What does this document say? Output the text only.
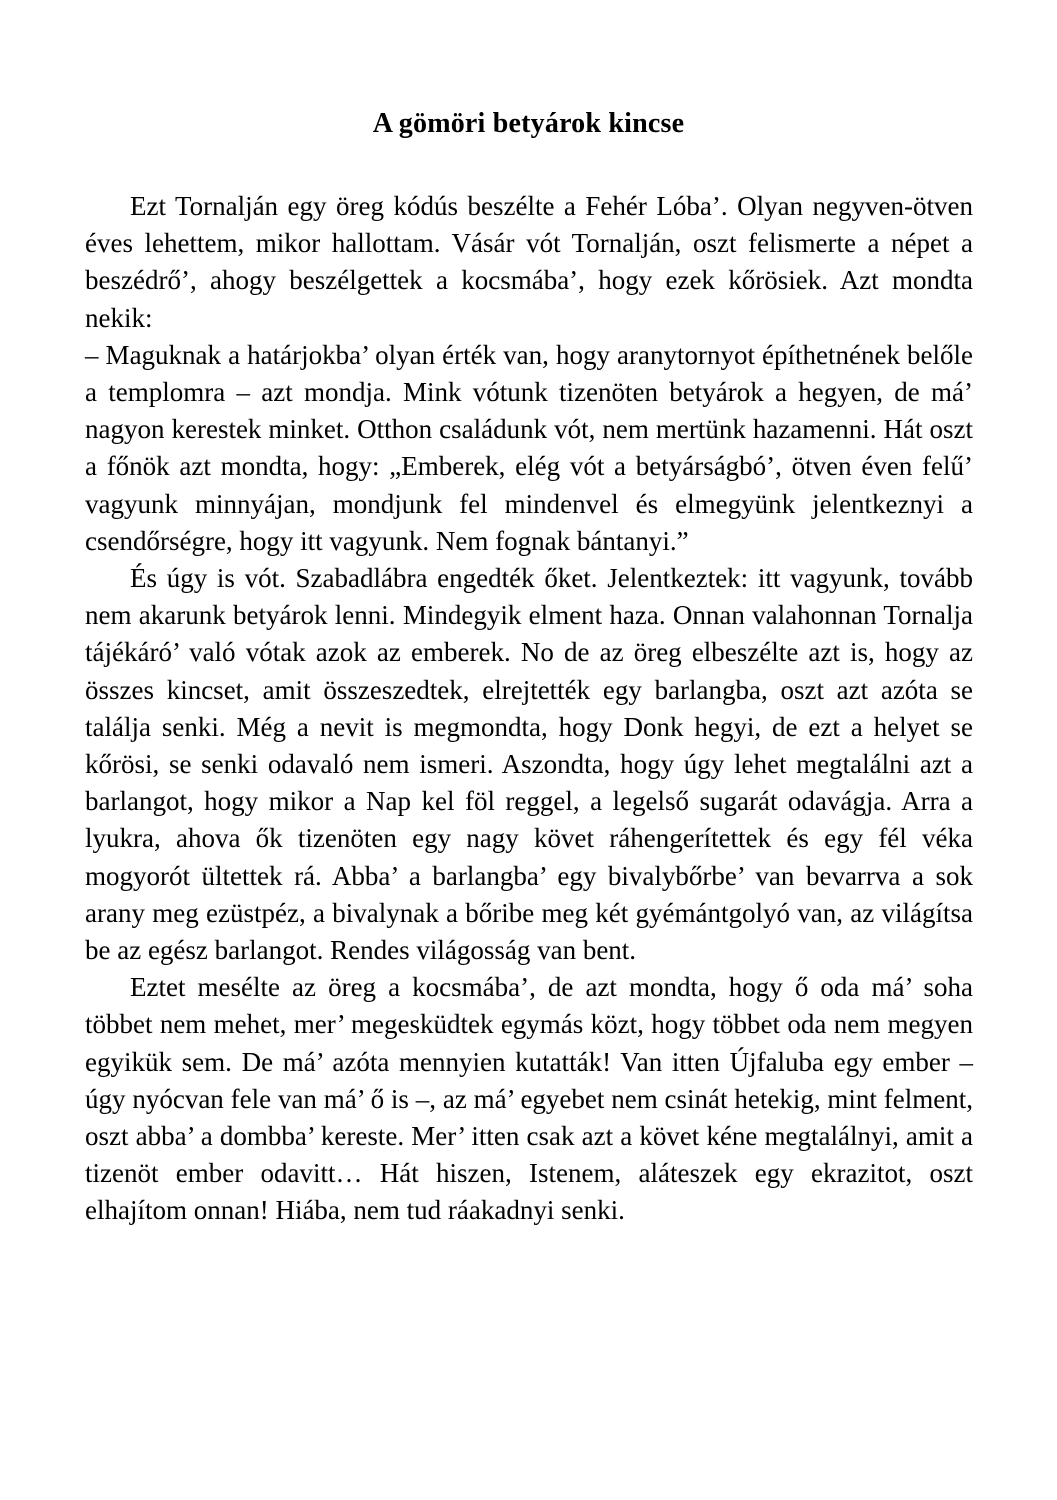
A gömöri betyárok kincse

Ezt Tornalján egy öreg kódús beszélte a Fehér Lóba’. Olyan negyven-ötven éves lehettem, mikor hallottam. Vásár vót Tornalján, oszt felismerte a népet a beszédrő’, ahogy beszélgettek a kocsmába’, hogy ezek kőrösiek. Azt mondta nekik:

– Maguknak a határjokba’ olyan érték van, hogy aranytornyot építhetnének belőle a templomra – azt mondja. Mink vótunk tizenöten betyárok a hegyen, de má’ nagyon kerestek minket. Otthon családunk vót, nem mertünk hazamenni. Hát oszt a főnök azt mondta, hogy: „Emberek, elég vót a betyárságbó’, ötven éven felű’ vagyunk minnyájan, mondjunk fel mindenvel és elmegyünk jelentkeznyi a csendőrségre, hogy itt vagyunk. Nem fognak bántanyi.”

És úgy is vót. Szabadlábra engedték őket. Jelentkeztek: itt vagyunk, tovább nem akarunk betyárok lenni. Mindegyik elment haza. Onnan valahonnan Tornalja tájékáró’ való vótak azok az emberek. No de az öreg elbeszélte azt is, hogy az összes kincset, amit összeszedtek, elrejtették egy barlangba, oszt azt azóta se találja senki. Még a nevit is megmondta, hogy Donk hegyi, de ezt a helyet se kőrösi, se senki odavaló nem ismeri. Aszondta, hogy úgy lehet megtalálni azt a barlangot, hogy mikor a Nap kel föl reggel, a legelső sugarát odavágja. Arra a lyukra, ahova ők tizenöten egy nagy követ ráhengerítettek és egy fél véka mogyorót ültettek rá. Abba’ a barlangba’ egy bivalybőrbe’ van bevarrva a sok arany meg ezüstpéz, a bivalynak a bőribe meg két gyémántgolyó van, az világítsa be az egész barlangot. Rendes világosság van bent.

Eztet mesélte az öreg a kocsmába’, de azt mondta, hogy ő oda má’ soha többet nem mehet, mer’ megesküdtek egymás közt, hogy többet oda nem megyen egyikük sem. De má’ azóta mennyien kutatták! Van itten Újfaluba egy ember – úgy nyócvan fele van má’ ő is –, az má’ egyebet nem csinát hetekig, mint felment, oszt abba’ a dombba’ kereste. Mer’ itten csak azt a követ kéne megtalálnyi, amit a tizenöt ember odavitt… Hát hiszen, Istenem, aláteszek egy ekrazitot, oszt elhajítom onnan! Hiába, nem tud ráakadnyi senki.
